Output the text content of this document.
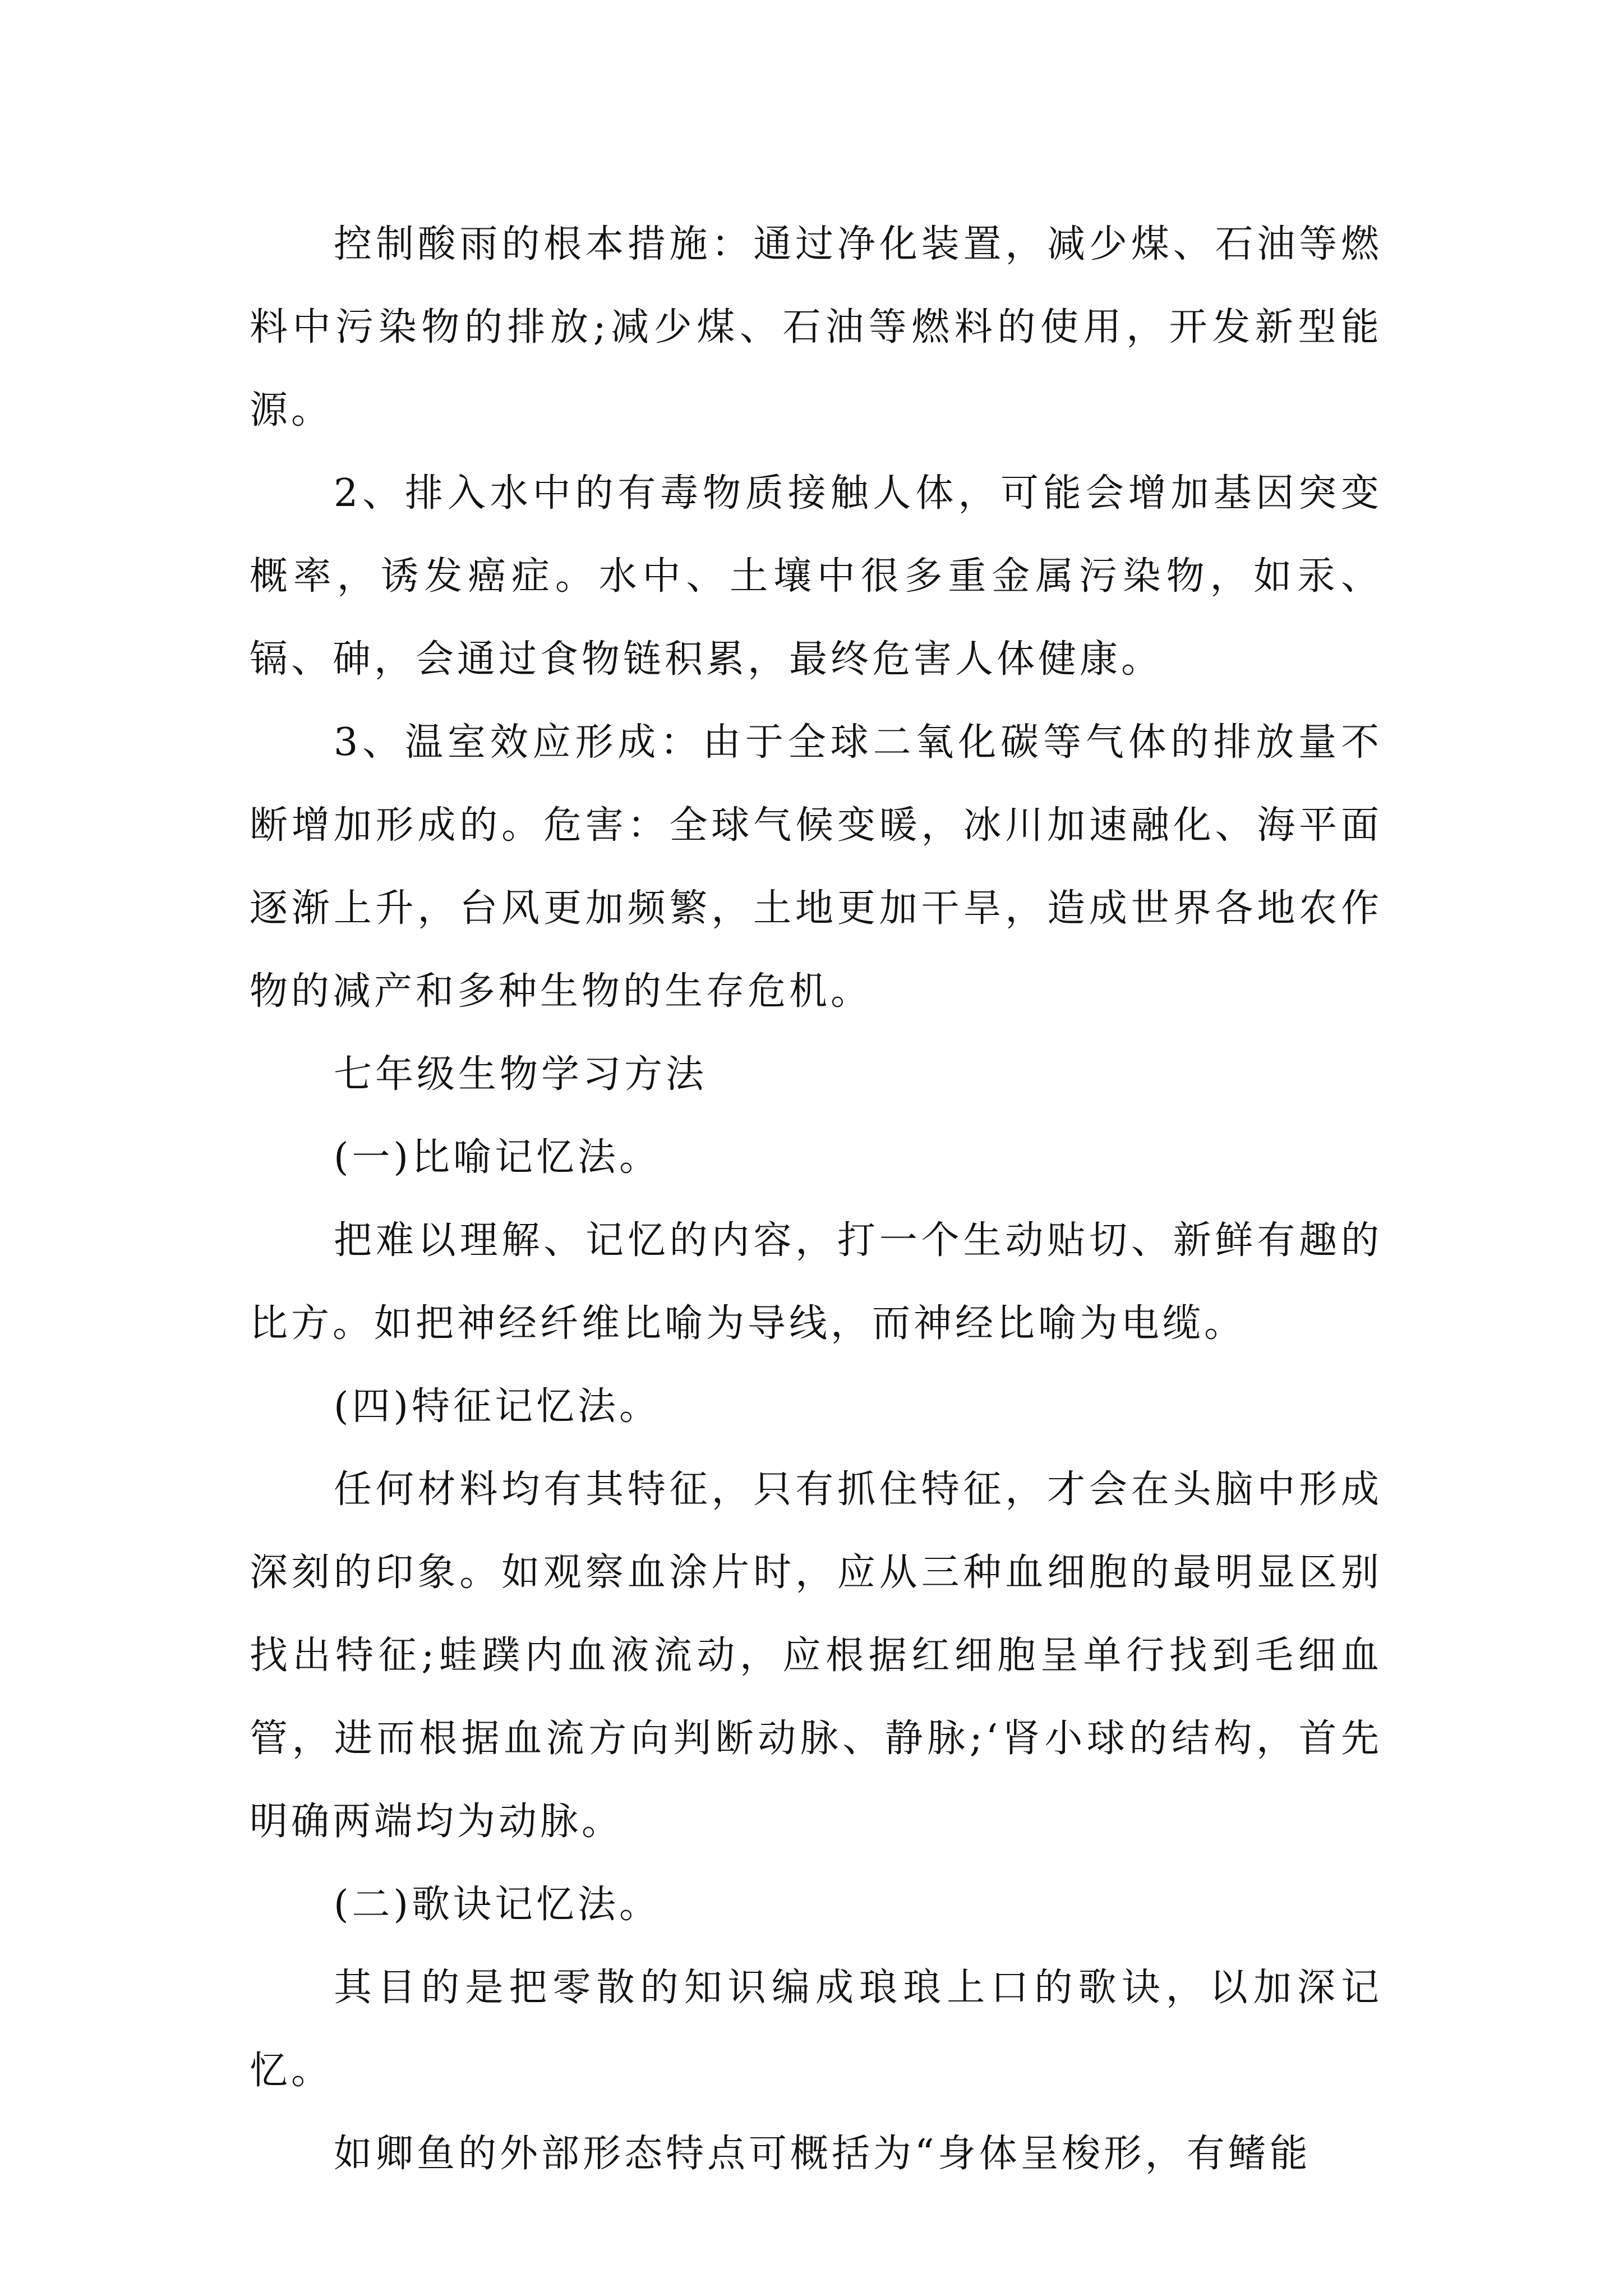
控制酸雨的根本措施：通过净化装置，减少煤、石油等燃料中污染物的排放;减少煤、石油等燃料的使用，开发新型能源。

2、排入水中的有毒物质接触人体，可能会增加基因突变概率，诱发癌症。水中、土壤中很多重金属污染物，如汞、镉、砷，会通过食物链积累，最终危害人体健康。

3、温室效应形成：由于全球二氧化碳等气体的排放量不断增加形成的。危害：全球气候变暖，冰川加速融化、海平面逐渐上升，台风更加频繁，土地更加干旱，造成世界各地农作物的减产和多种生物的生存危机。

七年级生物学习方法

(一)比喻记忆法。

把难以理解、记忆的内容，打一个生动贴切、新鲜有趣的比方。如把神经纤维比喻为导线，而神经比喻为电缆。

(四)特征记忆法。

任何材料均有其特征，只有抓住特征，才会在头脑中形成深刻的印象。如观察血涂片时，应从三种血细胞的最明显区别找出特征;蛙蹼内血液流动，应根据红细胞呈单行找到毛细血管，进而根据血流方向判断动脉、静脉;‘肾小球的结构，首先明确两端均为动脉。

(二)歌诀记忆法。

其目的是把零散的知识编成琅琅上口的歌诀，以加深记忆。

如卿鱼的外部形态特点可概括为“身体呈梭形，有鳍能
